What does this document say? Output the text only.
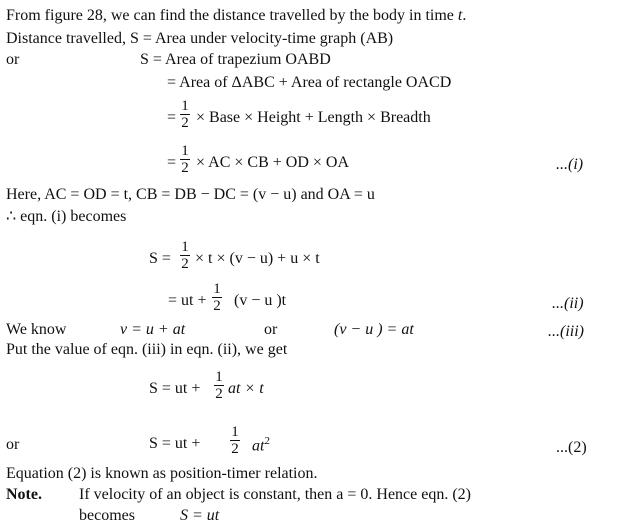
From figure 28, we can find the distance travelled by the body in time t.
Distance travelled, S = Area under velocity-time graph (AB)
or	S = Area of trapezium OABD
= Area of ΔABC + Area of rectangle OACD
=
1
2 × Base × Height + Length × Breadth
=
1
2 × AC × CB + OD × OA	...(i)
Here, AC = OD = t, CB = DB − DC = (v − u) and OA = u
∴ eqn. (i) becomes
S =
1
2 × t × (v − u) + u × t
= ut +
1
2 (v − u )t	...(ii)
We know	v = u + at	or	(v − u ) = at	...(iii)
Put the value of eqn. (iii) in eqn. (ii), we get
S = ut +
1
2 at × t
or	S = ut +
1
2 $at^2$	...(2)
Equation (2) is known as position-timer relation.
Note. If velocity of an object is constant, then a = 0. Hence eqn. (2)
becomes	S = ut
